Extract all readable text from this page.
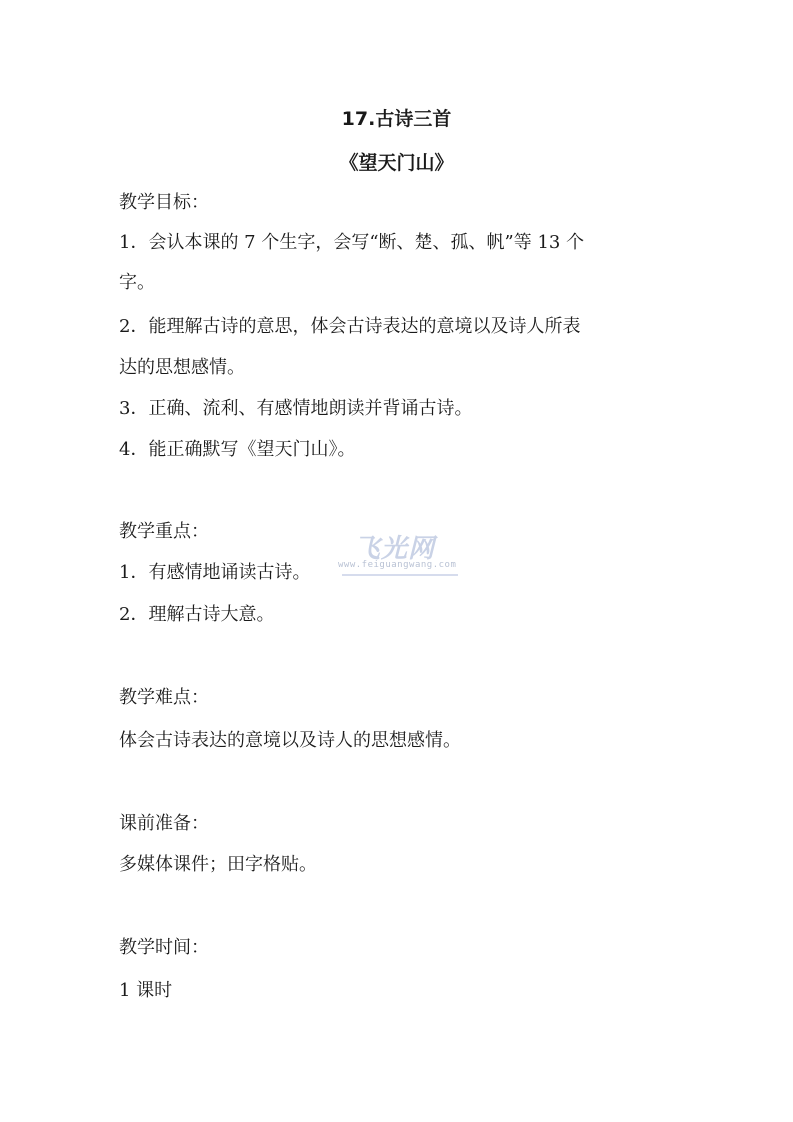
17.古诗三首
《望天门山》
教学目标：
1．会认本课的 7 个生字，会写“断、楚、孤、帆”等 13 个
字。
2．能理解古诗的意思，体会古诗表达的意境以及诗人所表
达的思想感情。
3．正确、流利、有感情地朗读并背诵古诗。
4．能正确默写《望天门山》。
教学重点：
1．有感情地诵读古诗。
2．理解古诗大意。
教学难点：
体会古诗表达的意境以及诗人的思想感情。
课前准备：
多媒体课件；田字格贴。
教学时间：
1 课时
飞光网
www.feiguangwang.com
